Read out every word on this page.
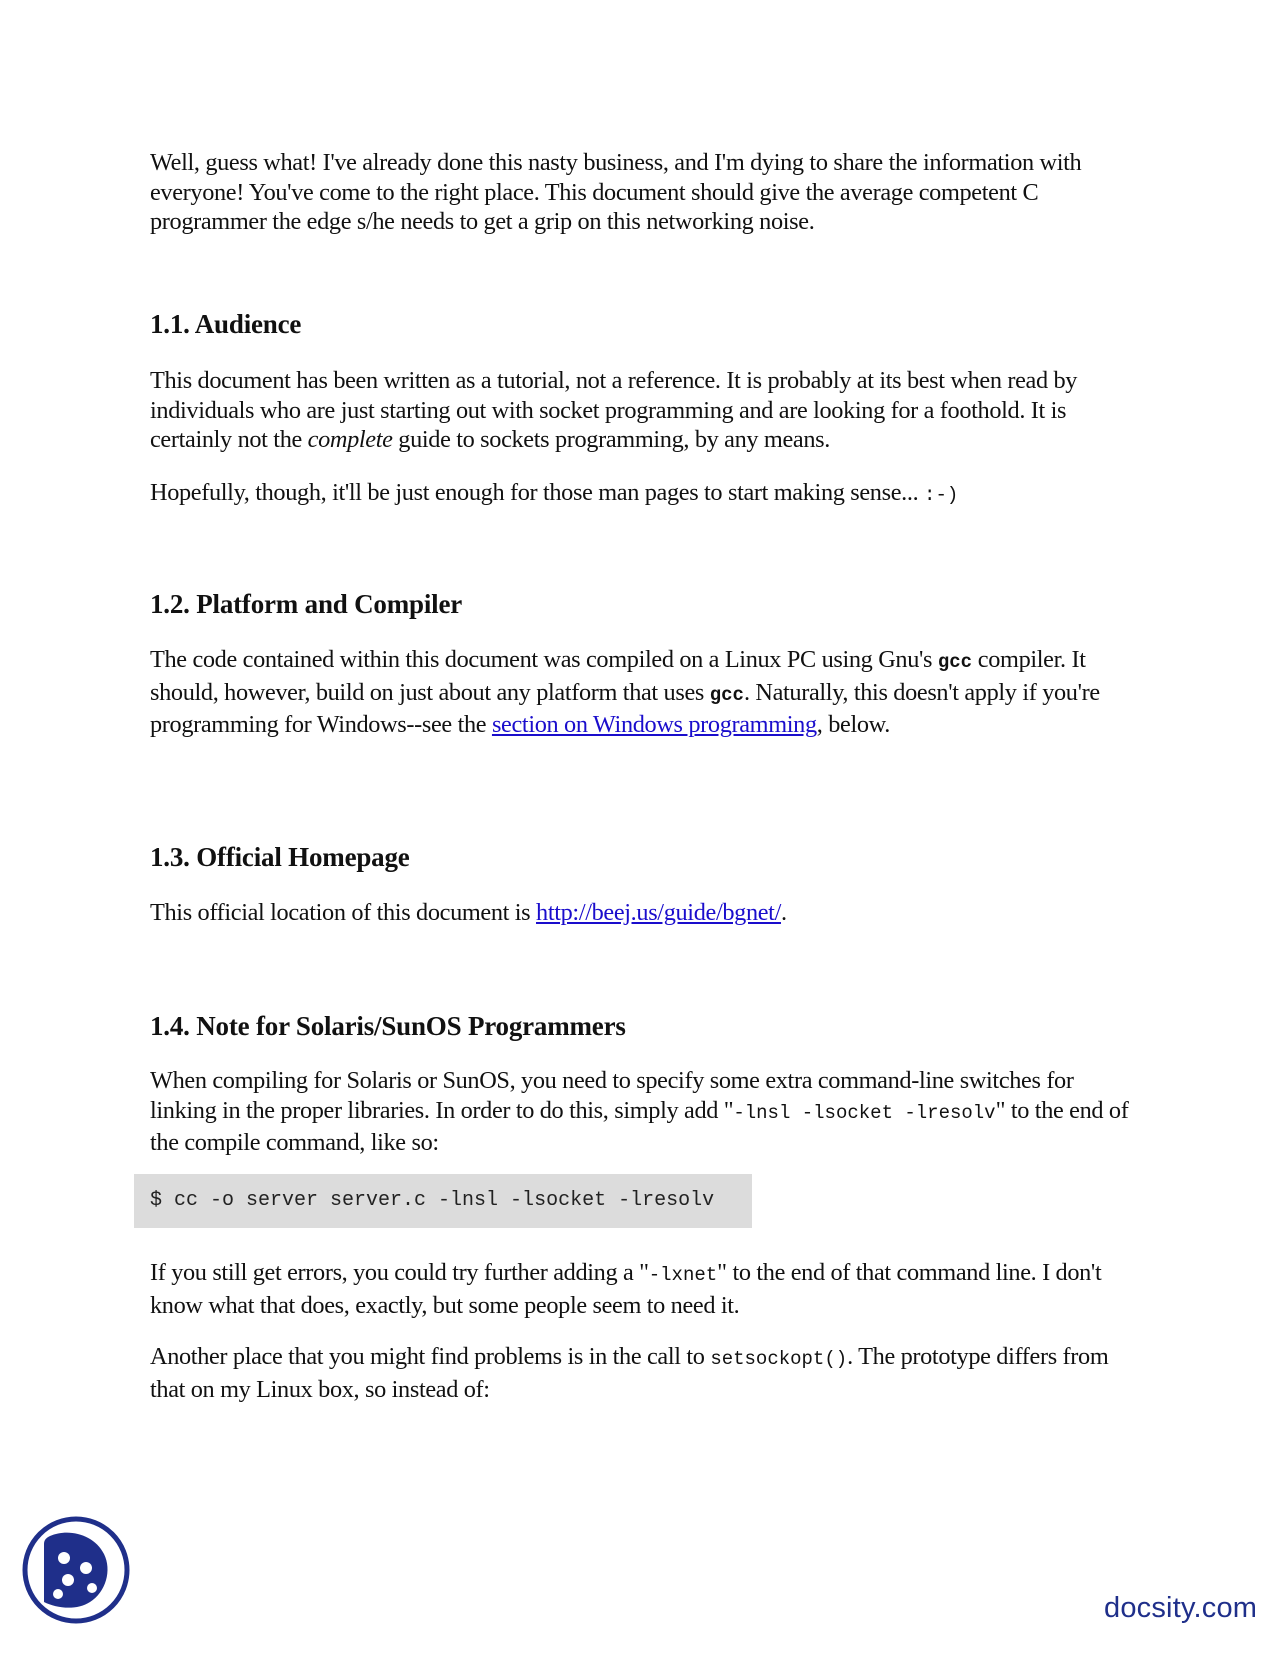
Well, guess what! I've already done this nasty business, and I'm dying to share the information with everyone! You've come to the right place. This document should give the average competent C programmer the edge s/he needs to get a grip on this networking noise.

1.1. Audience

This document has been written as a tutorial, not a reference. It is probably at its best when read by individuals who are just starting out with socket programming and are looking for a foothold. It is certainly not the complete guide to sockets programming, by any means.

Hopefully, though, it'll be just enough for those man pages to start making sense... :-)

1.2. Platform and Compiler

The code contained within this document was compiled on a Linux PC using Gnu's gcc compiler. It should, however, build on just about any platform that uses gcc. Naturally, this doesn't apply if you're programming for Windows--see the section on Windows programming, below.

1.3. Official Homepage

This official location of this document is http://beej.us/guide/bgnet/.

1.4. Note for Solaris/SunOS Programmers

When compiling for Solaris or SunOS, you need to specify some extra command-line switches for linking in the proper libraries. In order to do this, simply add "-lnsl -lsocket -lresolv" to the end of the compile command, like so:

$ cc -o server server.c -lnsl -lsocket -lresolv

If you still get errors, you could try further adding a "-lxnet" to the end of that command line. I don't know what that does, exactly, but some people seem to need it.

Another place that you might find problems is in the call to setsockopt(). The prototype differs from that on my Linux box, so instead of:

docsity.com
